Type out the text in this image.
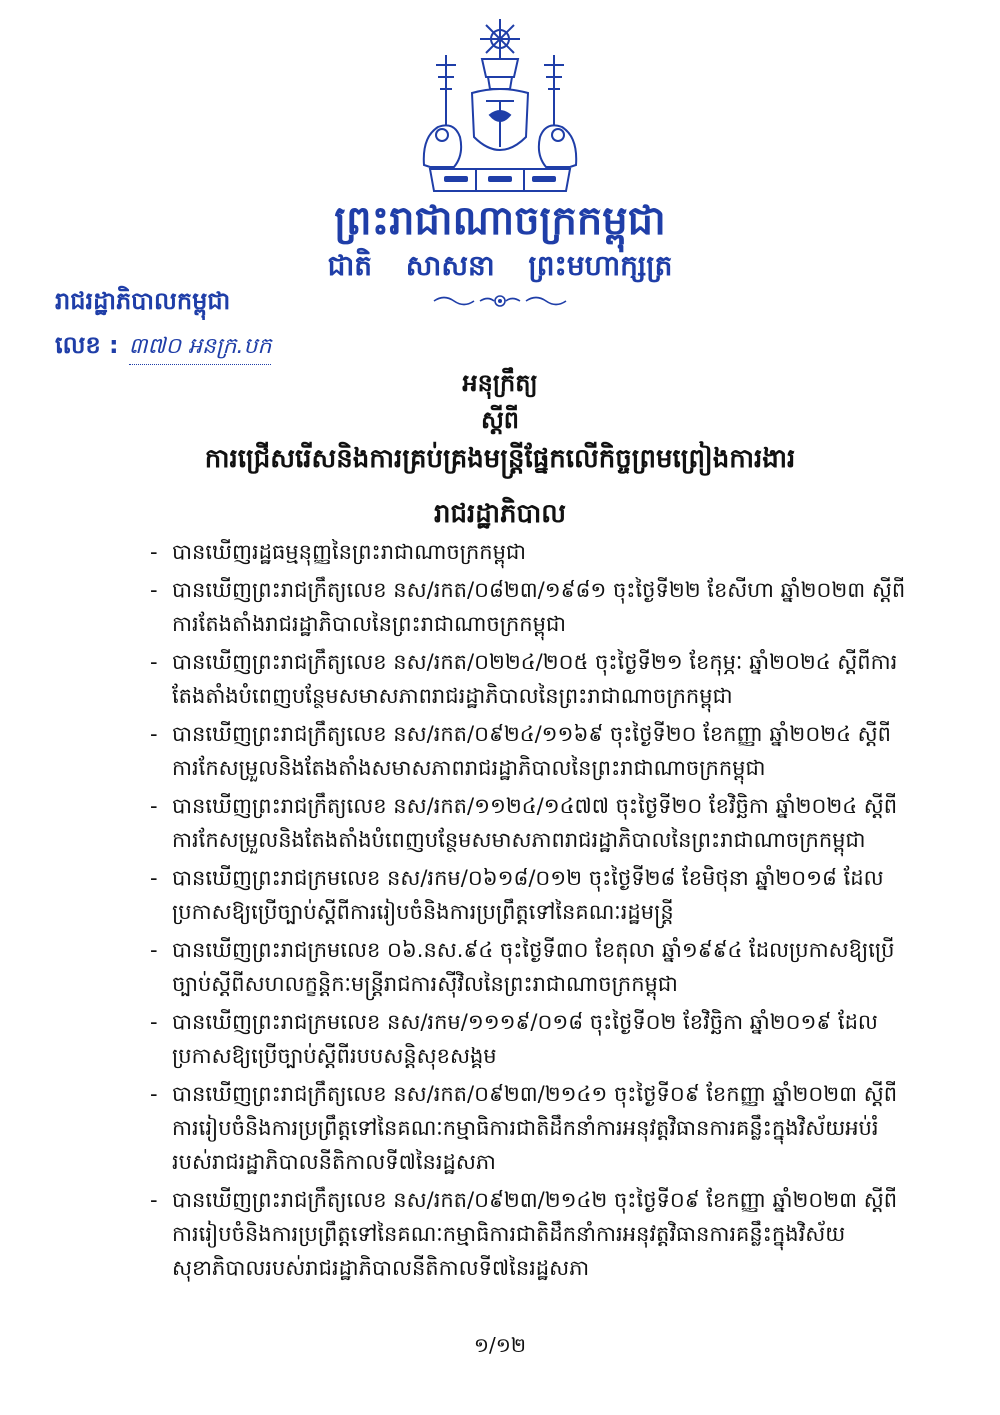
ព្រះរាជាណាចក្រកម្ពុជា
ជាតិ សាសនា ព្រះមហាក្សត្រ
រាជរដ្ឋាភិបាលកម្ពុជា
លេខ : ៣៧០ អនក្រ.បក
អនុក្រឹត្យ
ស្តីពី
ការជ្រើសរើសនិងការគ្រប់គ្រងមន្ត្រីផ្នែកលើកិច្ចព្រមព្រៀងការងារ
រាជរដ្ឋាភិបាល
- បានឃើញរដ្ឋធម្មនុញ្ញនៃព្រះរាជាណាចក្រកម្ពុជា
- បានឃើញព្រះរាជក្រឹត្យលេខ នស/រកត/០៨២៣/១៩៨១ ចុះថ្ងៃទី២២ ខែសីហា ឆ្នាំ២០២៣ ស្តីពីការតែងតាំងរាជរដ្ឋាភិបាលនៃព្រះរាជាណាចក្រកម្ពុជា
- បានឃើញព្រះរាជក្រឹត្យលេខ នស/រកត/០២២៤/២០៥ ចុះថ្ងៃទី២១ ខែកុម្ភៈ ឆ្នាំ២០២៤ ស្តីពីការតែងតាំងបំពេញបន្ថែមសមាសភាពរាជរដ្ឋាភិបាលនៃព្រះរាជាណាចក្រកម្ពុជា
- បានឃើញព្រះរាជក្រឹត្យលេខ នស/រកត/០៩២៤/១១៦៩ ចុះថ្ងៃទី២០ ខែកញ្ញា ឆ្នាំ២០២៤ ស្តីពីការកែសម្រួលនិងតែងតាំងសមាសភាពរាជរដ្ឋាភិបាលនៃព្រះរាជាណាចក្រកម្ពុជា
- បានឃើញព្រះរាជក្រឹត្យលេខ នស/រកត/១១២៤/១៤៧៧ ចុះថ្ងៃទី២០ ខែវិច្ឆិកា ឆ្នាំ២០២៤ ស្តីពីការកែសម្រួលនិងតែងតាំងបំពេញបន្ថែមសមាសភាពរាជរដ្ឋាភិបាលនៃព្រះរាជាណាចក្រកម្ពុជា
- បានឃើញព្រះរាជក្រមលេខ នស/រកម/០៦១៨/០១២ ចុះថ្ងៃទី២៨ ខែមិថុនា ឆ្នាំ២០១៨ ដែលប្រកាសឱ្យប្រើច្បាប់ស្តីពីការរៀបចំនិងការប្រព្រឹត្តទៅនៃគណៈរដ្ឋមន្ត្រី
- បានឃើញព្រះរាជក្រមលេខ ០៦.នស.៩៤ ចុះថ្ងៃទី៣០ ខែតុលា ឆ្នាំ១៩៩៤ ដែលប្រកាសឱ្យប្រើច្បាប់ស្តីពីសហលក្ខន្តិកៈមន្ត្រីរាជការស៊ីវិលនៃព្រះរាជាណាចក្រកម្ពុជា
- បានឃើញព្រះរាជក្រមលេខ នស/រកម/១១១៩/០១៨ ចុះថ្ងៃទី០២ ខែវិច្ឆិកា ឆ្នាំ២០១៩ ដែលប្រកាសឱ្យប្រើច្បាប់ស្តីពីរបបសន្តិសុខសង្គម
- បានឃើញព្រះរាជក្រឹត្យលេខ នស/រកត/០៩២៣/២១៤១ ចុះថ្ងៃទី០៩ ខែកញ្ញា ឆ្នាំ២០២៣ ស្តីពីការរៀបចំនិងការប្រព្រឹត្តទៅនៃគណៈកម្មាធិការជាតិដឹកនាំការអនុវត្តវិធានការគន្លឹះក្នុងវិស័យអប់រំរបស់រាជរដ្ឋាភិបាលនីតិកាលទី៧នៃរដ្ឋសភា
- បានឃើញព្រះរាជក្រឹត្យលេខ នស/រកត/០៩២៣/២១៤២ ចុះថ្ងៃទី០៩ ខែកញ្ញា ឆ្នាំ២០២៣ ស្តីពីការរៀបចំនិងការប្រព្រឹត្តទៅនៃគណៈកម្មាធិការជាតិដឹកនាំការអនុវត្តវិធានការគន្លឹះក្នុងវិស័យសុខាភិបាលរបស់រាជរដ្ឋាភិបាលនីតិកាលទី៧នៃរដ្ឋសភា
១/១២
